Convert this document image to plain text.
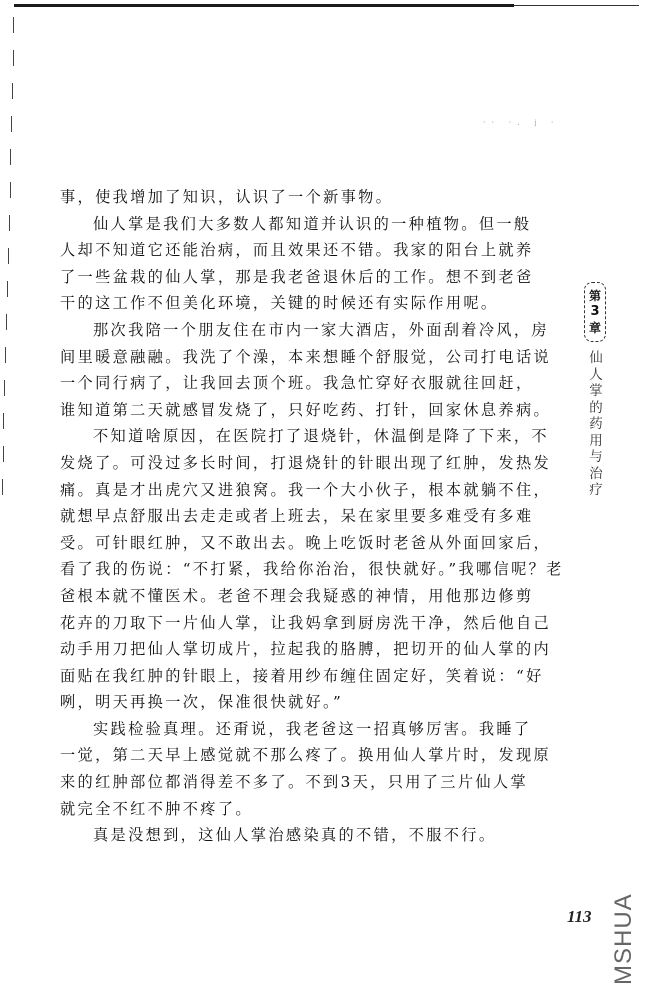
·· ·. 𝔧 ·
事，使我增加了知识，认识了一个新事物。
仙人掌是我们大多数人都知道并认识的一种植物。但一般
人却不知道它还能治病，而且效果还不错。我家的阳台上就养
了一些盆栽的仙人掌，那是我老爸退休后的工作。想不到老爸
干的这工作不但美化环境，关键的时候还有实际作用呢。
那次我陪一个朋友住在市内一家大酒店，外面刮着冷风，房
间里暖意融融。我洗了个澡，本来想睡个舒服觉，公司打电话说
一个同行病了，让我回去顶个班。我急忙穿好衣服就往回赶，
谁知道第二天就感冒发烧了，只好吃药、打针，回家休息养病。
不知道啥原因，在医院打了退烧针，休温倒是降了下来，不
发烧了。可没过多长时间，打退烧针的针眼出现了红肿，发热发
痛。真是才出虎穴又进狼窝。我一个大小伙子，根本就躺不住，
就想早点舒服出去走走或者上班去，呆在家里要多难受有多难
受。可针眼红肿，又不敢出去。晚上吃饭时老爸从外面回家后，
看了我的伤说：“不打紧，我给你治治，很快就好。”我哪信呢？老
爸根本就不懂医术。老爸不理会我疑惑的神情，用他那边修剪
花卉的刀取下一片仙人掌，让我妈拿到厨房洗干净，然后他自己
动手用刀把仙人掌切成片，拉起我的胳膊，把切开的仙人掌的内
面贴在我红肿的针眼上，接着用纱布缠住固定好，笑着说：“好
咧，明天再换一次，保准很快就好。”
实践检验真理。还甭说，我老爸这一招真够厉害。我睡了
一觉，第二天早上感觉就不那么疼了。换用仙人掌片时，发现原
来的红肿部位都消得差不多了。不到3天，只用了三片仙人掌
就完全不红不肿不疼了。
真是没想到，这仙人掌治感染真的不错，不服不行。
第
3
章
仙人掌的药用与治疗
113 MSHUA
